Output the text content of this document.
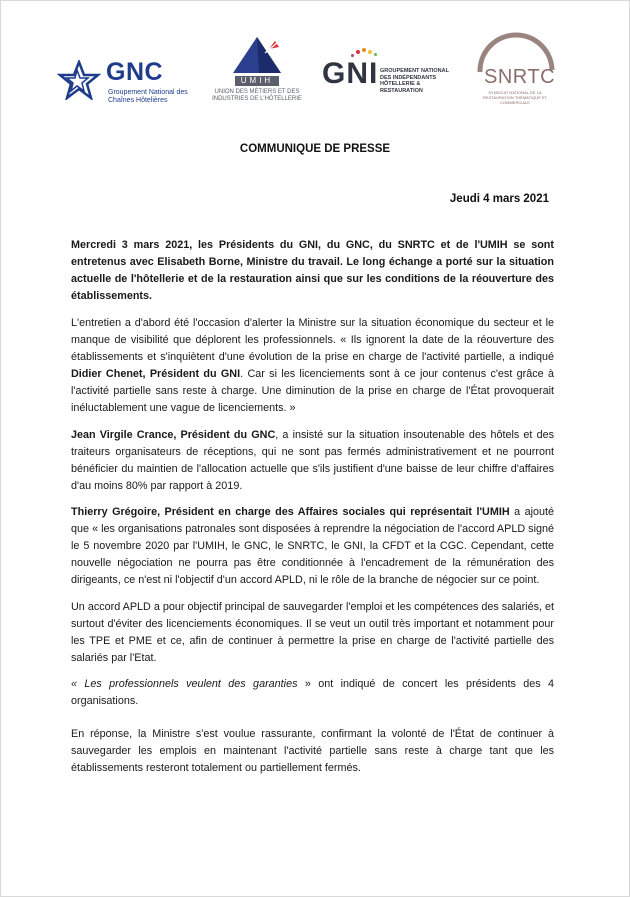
GNC
Groupement National des Chaînes Hôtelières
UMIH
UNION DES MÉTIERS ET DES INDUSTRIES DE L'HÔTELLERIE
GNI GROUPEMENT NATIONAL DES INDÉPENDANTS HÔTELLERIE & RESTAURATION
SNRTC
SYNDICAT NATIONAL DE LA RESTAURATION THÉMATIQUE ET COMMERCIALE
COMMUNIQUE DE PRESSE
Jeudi 4 mars 2021

Mercredi 3 mars 2021, les Présidents du GNI, du GNC, du SNRTC et de l'UMIH se sont entretenus avec Elisabeth Borne, Ministre du travail. Le long échange a porté sur la situation actuelle de l'hôtellerie et de la restauration ainsi que sur les conditions de la réouverture des établissements.

L'entretien a d'abord été l'occasion d'alerter la Ministre sur la situation économique du secteur et le manque de visibilité que déplorent les professionnels. « Ils ignorent la date de la réouverture des établissements et s'inquiètent d'une évolution de la prise en charge de l'activité partielle, a indiqué Didier Chenet, Président du GNI. Car si les licenciements sont à ce jour contenus c'est grâce à l'activité partielle sans reste à charge. Une diminution de la prise en charge de l'État provoquerait inéluctablement une vague de licenciements. »

Jean Virgile Crance, Président du GNC, a insisté sur la situation insoutenable des hôtels et des traiteurs organisateurs de réceptions, qui ne sont pas fermés administrativement et ne pourront bénéficier du maintien de l'allocation actuelle que s'ils justifient d'une baisse de leur chiffre d'affaires d'au moins 80% par rapport à 2019.

Thierry Grégoire, Président en charge des Affaires sociales qui représentait l'UMIH a ajouté que « les organisations patronales sont disposées à reprendre la négociation de l'accord APLD signé le 5 novembre 2020 par l'UMIH, le GNC, le SNRTC, le GNI, la CFDT et la CGC. Cependant, cette nouvelle négociation ne pourra pas être conditionnée à l'encadrement de la rémunération des dirigeants, ce n'est ni l'objectif d'un accord APLD, ni le rôle de la branche de négocier sur ce point.

Un accord APLD a pour objectif principal de sauvegarder l'emploi et les compétences des salariés, et surtout d'éviter des licenciements économiques. Il se veut un outil très important et notamment pour les TPE et PME et ce, afin de continuer à permettre la prise en charge de l'activité partielle des salariés par l'Etat.

« Les professionnels veulent des garanties » ont indiqué de concert les présidents des 4 organisations.

En réponse, la Ministre s'est voulue rassurante, confirmant la volonté de l'État de continuer à sauvegarder les emplois en maintenant l'activité partielle sans reste à charge tant que les établissements resteront totalement ou partiellement fermés.
